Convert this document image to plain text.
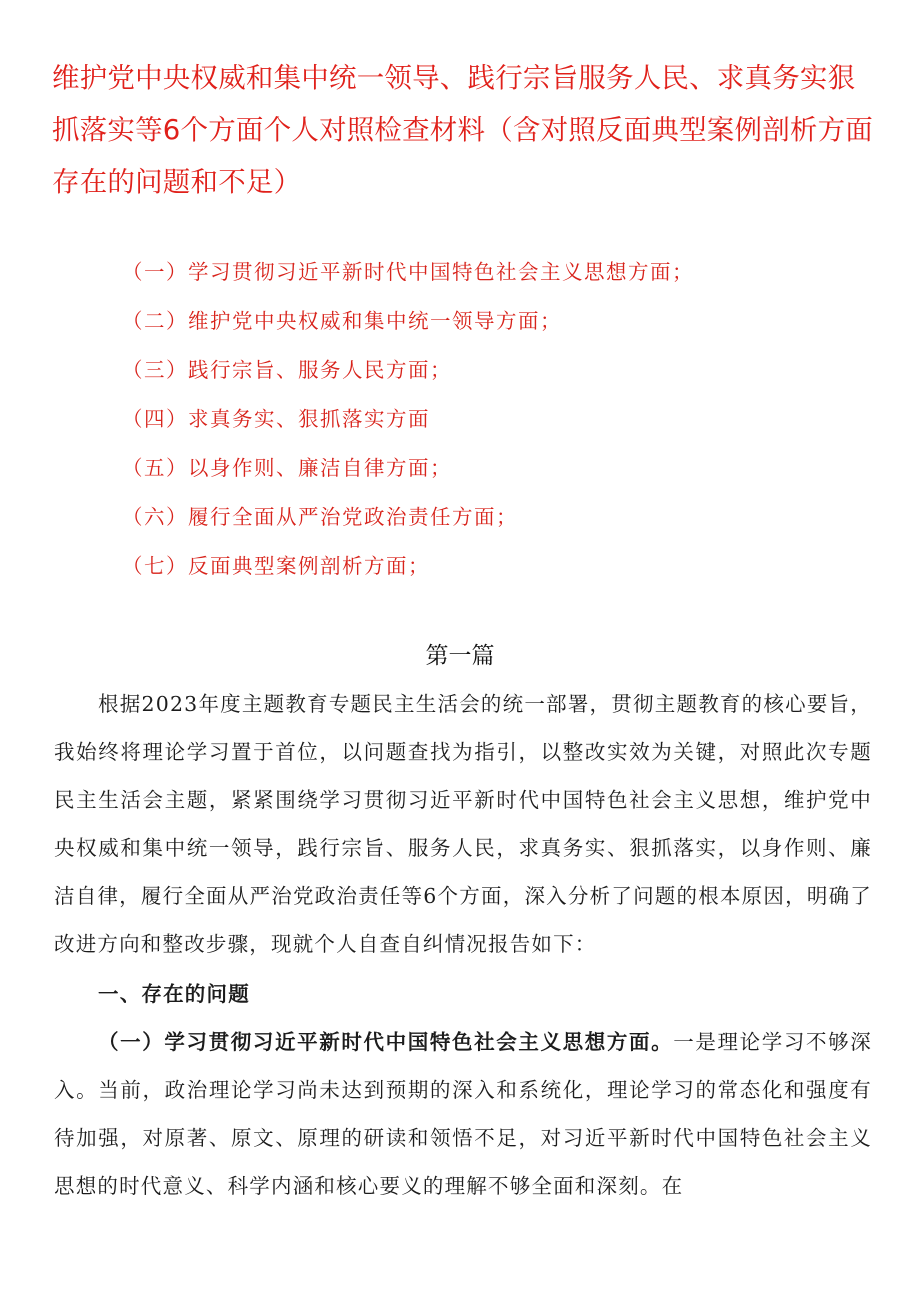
维护党中央权威和集中统一领导、践行宗旨服务人民、求真务实狠抓落实等6个方面个人对照检查材料（含对照反面典型案例剖析方面存在的问题和不足）
（一）学习贯彻习近平新时代中国特色社会主义思想方面；
（二）维护党中央权威和集中统一领导方面；
（三）践行宗旨、服务人民方面；
（四）求真务实、狠抓落实方面
（五）以身作则、廉洁自律方面；
（六）履行全面从严治党政治责任方面；
（七）反面典型案例剖析方面；
第一篇

根据2023年度主题教育专题民主生活会的统一部署，贯彻主题教育的核心要旨，我始终将理论学习置于首位，以问题查找为指引，以整改实效为关键，对照此次专题民主生活会主题，紧紧围绕学习贯彻习近平新时代中国特色社会主义思想，维护党中央权威和集中统一领导，践行宗旨、服务人民，求真务实、狠抓落实，以身作则、廉洁自律，履行全面从严治党政治责任等6个方面，深入分析了问题的根本原因，明确了改进方向和整改步骤，现就个人自查自纠情况报告如下：

一、存在的问题

（一）学习贯彻习近平新时代中国特色社会主义思想方面。一是理论学习不够深入。当前，政治理论学习尚未达到预期的深入和系统化，理论学习的常态化和强度有待加强，对原著、原文、原理的研读和领悟不足，对习近平新时代中国特色社会主义思想的时代意义、科学内涵和核心要义的理解不够全面和深刻。在
